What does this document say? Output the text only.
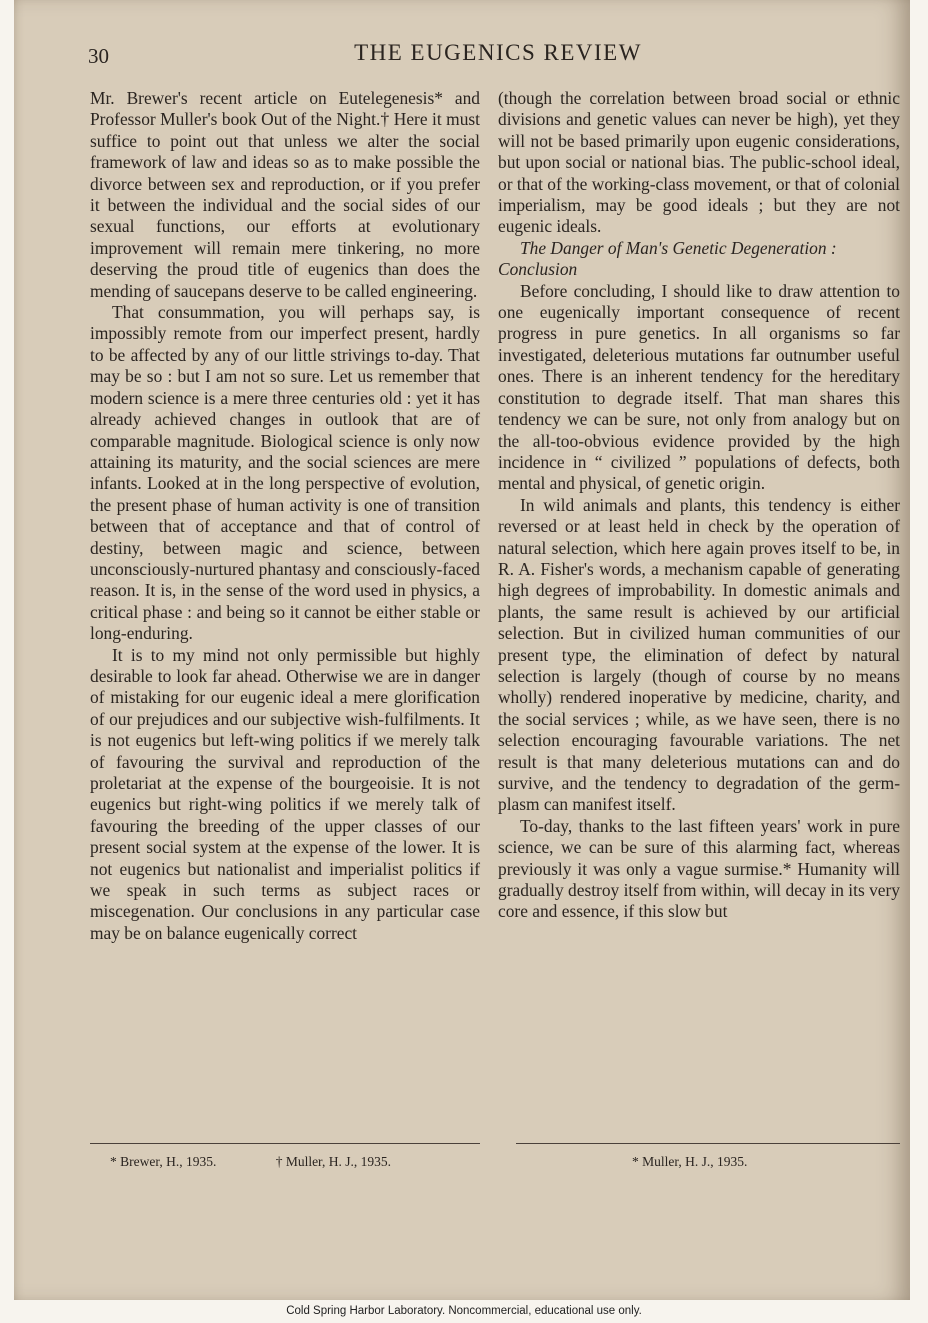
30	THE EUGENICS REVIEW

Mr. Brewer's recent article on Eutelegenesis* and Professor Muller's book Out of the Night.† Here it must suffice to point out that unless we alter the social framework of law and ideas so as to make possible the divorce between sex and reproduction, or if you prefer it between the individual and the social sides of our sexual functions, our efforts at evolutionary improvement will remain mere tinkering, no more deserving the proud title of eugenics than does the mending of saucepans deserve to be called engineering.

That consummation, you will perhaps say, is impossibly remote from our imperfect present, hardly to be affected by any of our little strivings to-day. That may be so : but I am not so sure. Let us remember that modern science is a mere three centuries old : yet it has already achieved changes in outlook that are of comparable magnitude. Biological science is only now attaining its maturity, and the social sciences are mere infants. Looked at in the long perspective of evolution, the present phase of human activity is one of transition between that of acceptance and that of control of destiny, between magic and science, between unconsciously-nurtured phantasy and consciously-faced reason. It is, in the sense of the word used in physics, a critical phase : and being so it cannot be either stable or long-enduring.

It is to my mind not only permissible but highly desirable to look far ahead. Otherwise we are in danger of mistaking for our eugenic ideal a mere glorification of our prejudices and our subjective wish-fulfilments. It is not eugenics but left-wing politics if we merely talk of favouring the survival and reproduction of the proletariat at the expense of the bourgeoisie. It is not eugenics but right-wing politics if we merely talk of favouring the breeding of the upper classes of our present social system at the expense of the lower. It is not eugenics but nationalist and imperialist politics if we speak in such terms as subject races or miscegenation. Our conclusions in any particular case may be on balance eugenically correct

(though the correlation between broad social or ethnic divisions and genetic values can never be high), yet they will not be based primarily upon eugenic considerations, but upon social or national bias. The public-school ideal, or that of the working-class movement, or that of colonial imperialism, may be good ideals ; but they are not eugenic ideals.

The Danger of Man's Genetic Degeneration : Conclusion

Before concluding, I should like to draw attention to one eugenically important consequence of recent progress in pure genetics. In all organisms so far investigated, deleterious mutations far outnumber useful ones. There is an inherent tendency for the hereditary constitution to degrade itself. That man shares this tendency we can be sure, not only from analogy but on the all-too-obvious evidence provided by the high incidence in “ civilized ” populations of defects, both mental and physical, of genetic origin.

In wild animals and plants, this tendency is either reversed or at least held in check by the operation of natural selection, which here again proves itself to be, in R. A. Fisher's words, a mechanism capable of generating high degrees of improbability. In domestic animals and plants, the same result is achieved by our artificial selection. But in civilized human communities of our present type, the elimination of defect by natural selection is largely (though of course by no means wholly) rendered inoperative by medicine, charity, and the social services ; while, as we have seen, there is no selection encouraging favourable variations. The net result is that many deleterious mutations can and do survive, and the tendency to degradation of the germ-plasm can manifest itself.

To-day, thanks to the last fifteen years' work in pure science, we can be sure of this alarming fact, whereas previously it was only a vague surmise.* Humanity will gradually destroy itself from within, will decay in its very core and essence, if this slow but

* Brewer, H., 1935.	† Muller, H. J., 1935.	* Muller, H. J., 1935.
Cold Spring Harbor Laboratory. Noncommercial, educational use only.
